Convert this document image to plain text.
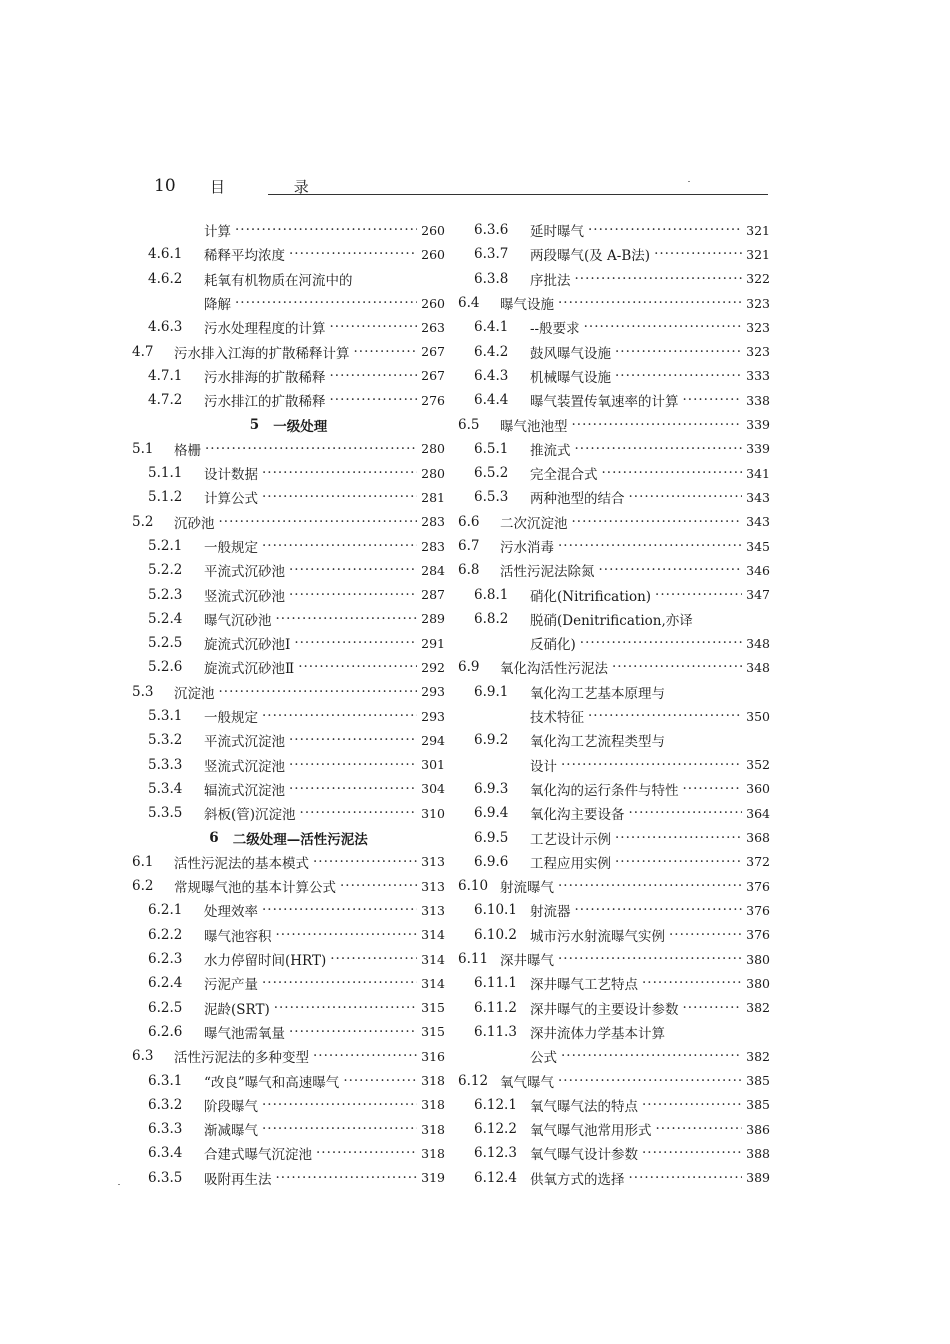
10 目 录
计算 ·····	260
4.6.1	稀释平均浓度 ·····	260
4.6.2	耗氧有机物质在河流中的
降解 ·····	260
4.6.3	污水处理程度的计算 ·····	263
4.7	污水排入江海的扩散稀释计算 ·····	267
4.7.1	污水排海的扩散稀释 ·····	267
4.7.2	污水排江的扩散稀释 ·····	276
5 一级处理
5.1	格栅 ·····	280
5.1.1	设计数据 ·····	280
5.1.2	计算公式 ·····	281
5.2	沉砂池 ·····	283
5.2.1	一般规定 ·····	283
5.2.2	平流式沉砂池 ·····	284
5.2.3	竖流式沉砂池 ·····	287
5.2.4	曝气沉砂池 ·····	289
5.2.5	旋流式沉砂池Ⅰ ·····	291
5.2.6	旋流式沉砂池Ⅱ ·····	292
5.3	沉淀池 ·····	293
5.3.1	一般规定 ·····	293
5.3.2	平流式沉淀池 ·····	294
5.3.3	竖流式沉淀池 ·····	301
5.3.4	辐流式沉淀池 ·····	304
5.3.5	斜板(管)沉淀池 ·····	310
6 二级处理—活性污泥法
6.1	活性污泥法的基本模式 ·····	313
6.2	常规曝气池的基本计算公式 ·····	313
6.2.1	处理效率 ·····	313
6.2.2	曝气池容积 ·····	314
6.2.3	水力停留时间(HRT) ·····	314
6.2.4	污泥产量 ·····	314
6.2.5	泥龄(SRT) ·····	315
6.2.6	曝气池需氧量 ·····	315
6.3	活性污泥法的多种变型 ·····	316
6.3.1	“改良”曝气和高速曝气 ·····	318
6.3.2	阶段曝气 ·····	318
6.3.3	渐减曝气 ·····	318
6.3.4	合建式曝气沉淀池 ·····	318
6.3.5	吸附再生法 ·····	319
6.3.6	延时曝气 ·····	321
6.3.7	两段曝气(及 A-B法) ·····	321
6.3.8	序批法 ·····	322
6.4	曝气设施 ·····	323
6.4.1	--般要求 ·····	323
6.4.2	鼓风曝气设施 ·····	323
6.4.3	机械曝气设施 ·····	333
6.4.4	曝气装置传氧速率的计算 ·····	338
6.5	曝气池池型 ·····	339
6.5.1	推流式 ·····	339
6.5.2	完全混合式 ·····	341
6.5.3	两种池型的结合 ·····	343
6.6	二次沉淀池 ·····	343
6.7	污水消毒 ·····	345
6.8	活性污泥法除氮 ·····	346
6.8.1	硝化(Nitrification) ·····	347
6.8.2	脱硝(Denitrification,亦译
反硝化) ·····	348
6.9	氧化沟活性污泥法 ·····	348
6.9.1	氧化沟工艺基本原理与
技术特征 ·····	350
6.9.2	氧化沟工艺流程类型与
设计 ·····	352
6.9.3	氧化沟的运行条件与特性 ·····	360
6.9.4	氧化沟主要设备 ·····	364
6.9.5	工艺设计示例 ·····	368
6.9.6	工程应用实例 ·····	372
6.10 射流曝气 ·····	376
6.10.1 射流器 ·····	376
6.10.2 城市污水射流曝气实例 ·····	376
6.11 深井曝气 ·····	380
6.11.1 深井曝气工艺特点 ·····	380
6.11.2 深井曝气的主要设计参数 ·····	382
6.11.3 深井流体力学基本计算
公式 ·····	382
6.12 氧气曝气 ·····	385
6.12.1 氧气曝气法的特点 ·····	385
6.12.2 氧气曝气池常用形式 ·····	386
6.12.3 氧气曝气设计参数 ·····	388
6.12.4 供氧方式的选择 ·····	389
